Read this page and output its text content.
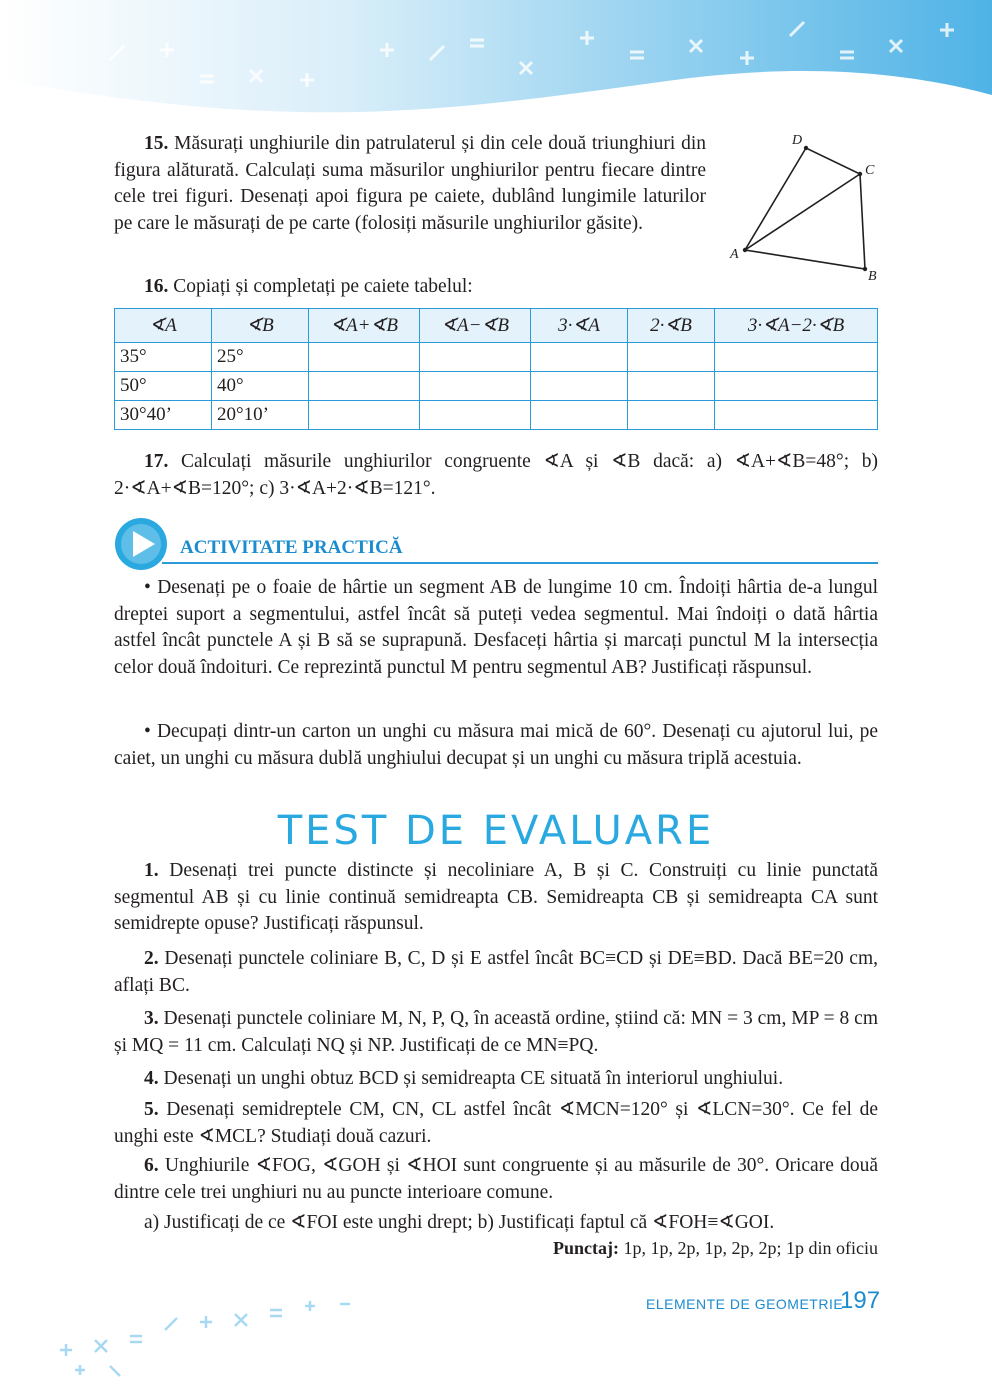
15. Măsurați unghiurile din patrulaterul și din cele două triunghiuri din figura alăturată. Calculați suma măsurilor unghiurilor pentru fiecare dintre cele trei figuri. Desenați apoi figura pe caiete, dublând lungimile laturilor pe care le măsurați de pe carte (folosiți măsurile unghiurilor găsite).
D
C
A
B
16. Copiați și completați pe caiete tabelul:
∢A	∢B	∢A+∢B	∢A−∢B	3·∢A	2·∢B	3·∢A−2·∢B
35°	25°					
50°	40°					
30°40’	20°10’					
17. Calculați măsurile unghiurilor congruente ∢A și ∢B dacă: a) ∢A+∢B=48°; b) 2·∢A+∢B=120°; c) 3·∢A+2·∢B=121°.
ACTIVITATE PRACTICĂ
• Desenați pe o foaie de hârtie un segment AB de lungime 10 cm. Îndoiți hârtia de-a lungul dreptei suport a segmentului, astfel încât să puteți vedea segmentul. Mai îndoiți o dată hârtia astfel încât punctele A și B să se suprapună. Desfaceți hârtia și marcați punctul M la intersecția celor două îndoituri. Ce reprezintă punctul M pentru segmentul AB? Justificați răspunsul.
• Decupați dintr-un carton un unghi cu măsura mai mică de 60°. Desenați cu ajutorul lui, pe caiet, un unghi cu măsura dublă unghiului decupat și un unghi cu măsura triplă acestuia.
TEST DE EVALUARE
1. Desenați trei puncte distincte și necoliniare A, B și C. Construiți cu linie punctată segmentul AB și cu linie continuă semidreapta CB. Semidreapta CB și semidreapta CA sunt semidrepte opuse? Justificați răspunsul.
2. Desenați punctele coliniare B, C, D și E astfel încât BC≡CD și DE≡BD. Dacă BE=20 cm, aflați BC.
3. Desenați punctele coliniare M, N, P, Q, în această ordine, știind că: MN = 3 cm, MP = 8 cm și MQ = 11 cm. Calculați NQ și NP. Justificați de ce MN≡PQ.
4. Desenați un unghi obtuz BCD și semidreapta CE situată în interiorul unghiului.
5. Desenați semidreptele CM, CN, CL astfel încât ∢MCN=120° și ∢LCN=30°. Ce fel de unghi este ∢MCL? Studiați două cazuri.
6. Unghiurile ∢FOG, ∢GOH și ∢HOI sunt congruente și au măsurile de 30°. Oricare două dintre cele trei unghiuri nu au puncte interioare comune.
a) Justificați de ce ∢FOI este unghi drept; b) Justificați faptul că ∢FOH≡∢GOI.
Punctaj: 1p, 1p, 2p, 1p, 2p, 2p; 1p din oficiu
ELEMENTE DE GEOMETRIE
197
